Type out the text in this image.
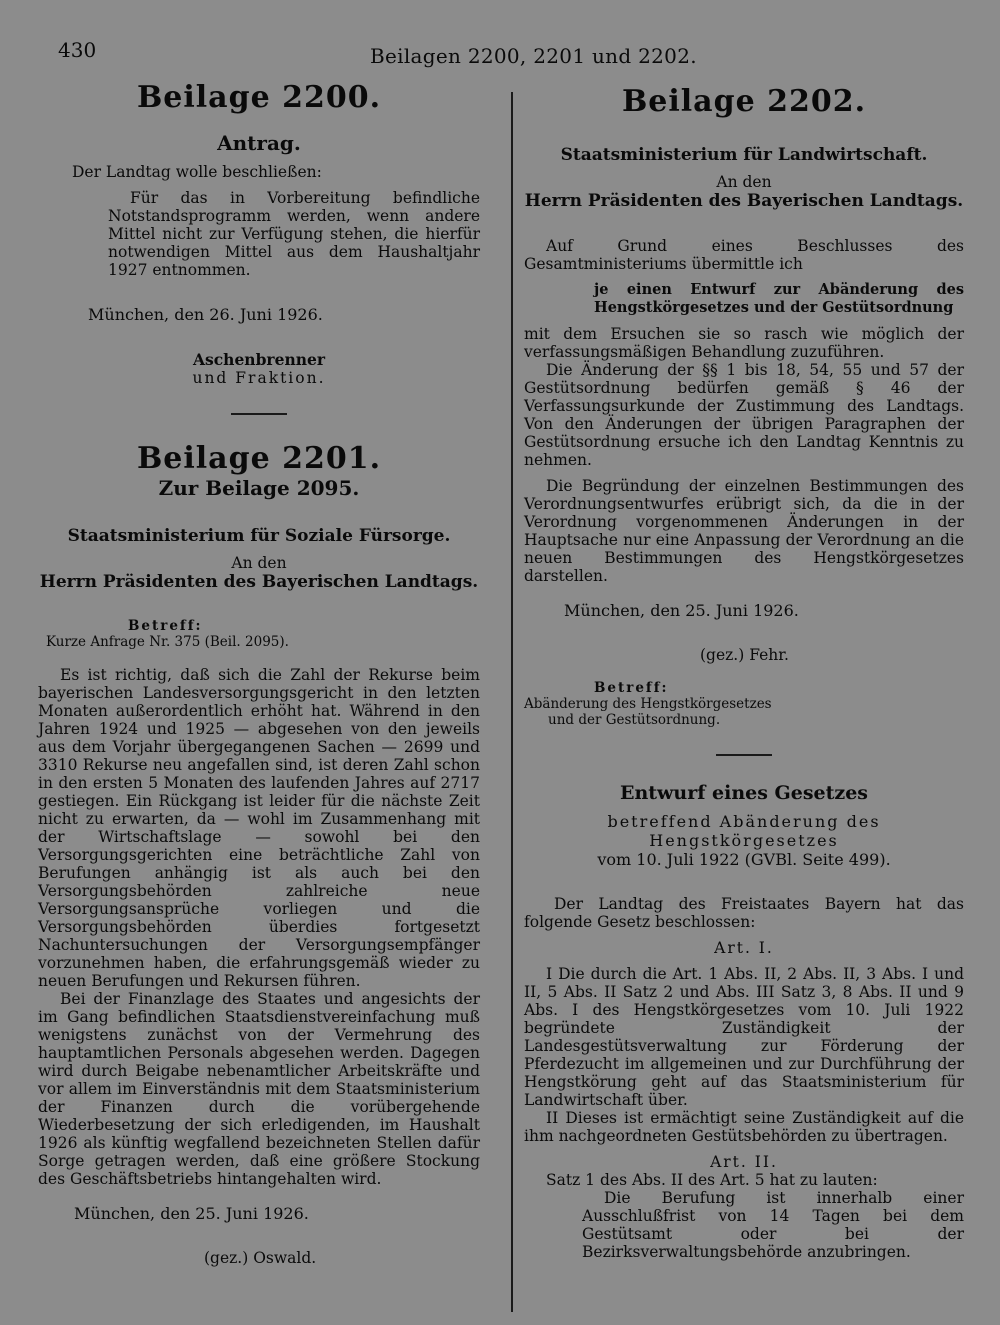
430	Beilagen 2200, 2201 und 2202.
Beilage 2200.
Antrag.

Der Landtag wolle beschließen:

Für das in Vorbereitung befindliche Notstandsprogramm werden, wenn andere Mittel nicht zur Verfügung stehen, die hierfür notwendigen Mittel aus dem Haushaltjahr 1927 entnommen.

München, den 26. Juni 1926.

Aschenbrenner

und Fraktion.

Beilage 2201.
Zur Beilage 2095.

Staatsministerium für Soziale Fürsorge.

An den

Herrn Präsidenten des Bayerischen Landtags.

Betreff:

Kurze Anfrage Nr. 375 (Beil. 2095).

Es ist richtig, daß sich die Zahl der Rekurse beim bayerischen Landesversorgungsgericht in den letzten Monaten außerordentlich erhöht hat. Während in den Jahren 1924 und 1925 — abgesehen von den jeweils aus dem Vorjahr übergegangenen Sachen — 2699 und 3310 Rekurse neu angefallen sind, ist deren Zahl schon in den ersten 5 Monaten des laufenden Jahres auf 2717 gestiegen. Ein Rückgang ist leider für die nächste Zeit nicht zu erwarten, da — wohl im Zusammenhang mit der Wirtschaftslage — sowohl bei den Versorgungsgerichten eine beträchtliche Zahl von Berufungen anhängig ist als auch bei den Versorgungsbehörden zahlreiche neue Versorgungsansprüche vorliegen und die Versorgungsbehörden überdies fortgesetzt Nachuntersuchungen der Versorgungsempfänger vorzunehmen haben, die erfahrungsgemäß wieder zu neuen Berufungen und Rekursen führen.

Bei der Finanzlage des Staates und angesichts der im Gang befindlichen Staatsdienstvereinfachung muß wenigstens zunächst von der Vermehrung des hauptamtlichen Personals abgesehen werden. Dagegen wird durch Beigabe nebenamtlicher Arbeitskräfte und vor allem im Einverständnis mit dem Staatsministerium der Finanzen durch die vorübergehende Wiederbesetzung der sich erledigenden, im Haushalt 1926 als künftig wegfallend bezeichneten Stellen dafür Sorge getragen werden, daß eine größere Stockung des Geschäftsbetriebs hintangehalten wird.

München, den 25. Juni 1926.

(gez.) Oswald.

Beilage 2202.

Staatsministerium für Landwirtschaft.

An den

Herrn Präsidenten des Bayerischen Landtags.

Auf Grund eines Beschlusses des Gesamtministeriums übermittle ich

je einen Entwurf zur Abänderung des Hengstkörgesetzes und der Gestütsordnung

mit dem Ersuchen sie so rasch wie möglich der verfassungsmäßigen Behandlung zuzuführen.

Die Änderung der §§ 1 bis 18, 54, 55 und 57 der Gestütsordnung bedürfen gemäß § 46 der Verfassungsurkunde der Zustimmung des Landtags. Von den Änderungen der übrigen Paragraphen der Gestütsordnung ersuche ich den Landtag Kenntnis zu nehmen.

Die Begründung der einzelnen Bestimmungen des Verordnungsentwurfes erübrigt sich, da die in der Verordnung vorgenommenen Änderungen in der Hauptsache nur eine Anpassung der Verordnung an die neuen Bestimmungen des Hengstkörgesetzes darstellen.

München, den 25. Juni 1926.

(gez.) Fehr.

Betreff:

Abänderung des Hengstkörgesetzes

und der Gestütsordnung.

Entwurf eines Gesetzes

betreffend Abänderung des Hengstkörgesetzes

vom 10. Juli 1922 (GVBl. Seite 499).

Der Landtag des Freistaates Bayern hat das folgende Gesetz beschlossen:

Art. I.

I Die durch die Art. 1 Abs. II, 2 Abs. II, 3 Abs. I und II, 5 Abs. II Satz 2 und Abs. III Satz 3, 8 Abs. II und 9 Abs. I des Hengstkörgesetzes vom 10. Juli 1922 begründete Zuständigkeit der Landesgestütsverwaltung zur Förderung der Pferdezucht im allgemeinen und zur Durchführung der Hengstkörung geht auf das Staatsministerium für Landwirtschaft über.

II Dieses ist ermächtigt seine Zuständigkeit auf die ihm nachgeordneten Gestütsbehörden zu übertragen.

Art. II.

Satz 1 des Abs. II des Art. 5 hat zu lauten:

Die Berufung ist innerhalb einer Ausschlußfrist von 14 Tagen bei dem Gestütsamt oder bei der Bezirksverwaltungsbehörde anzubringen.
